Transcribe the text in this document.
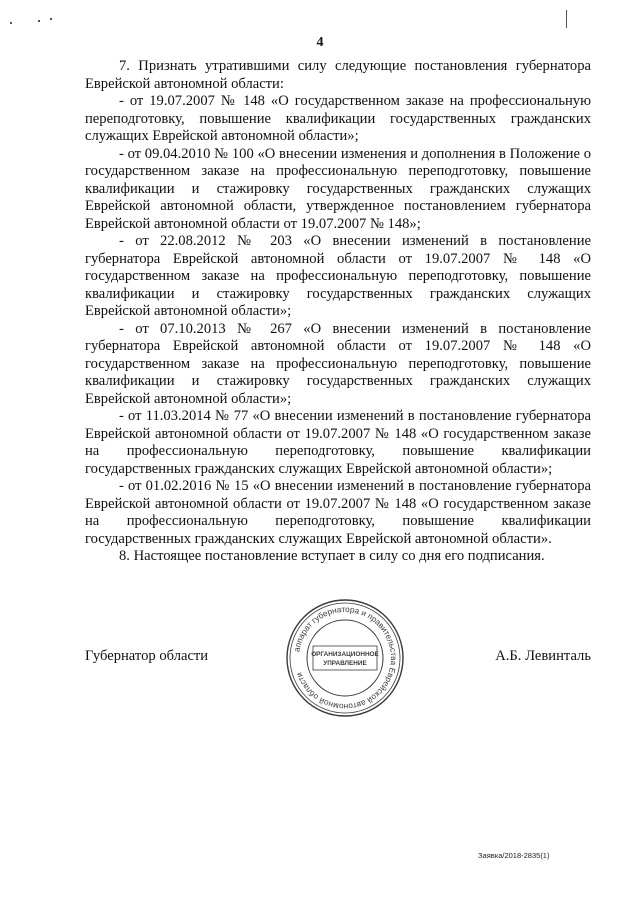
4

7. Признать утратившими силу следующие постановления губернатора Еврейской автономной области:

- от 19.07.2007 № 148 «О государственном заказе на профессиональную переподготовку, повышение квалификации государственных гражданских служащих Еврейской автономной области»;

- от 09.04.2010 № 100 «О внесении изменения и дополнения в Положение о государственном заказе на профессиональную переподготовку, повышение квалификации и стажировку государственных гражданских служащих Еврейской автономной области, утвержденное постановлением губернатора Еврейской автономной области от 19.07.2007 № 148»;

- от 22.08.2012 № 203 «О внесении изменений в постановление губернатора Еврейской автономной области от 19.07.2007 № 148 «О государственном заказе на профессиональную переподготовку, повышение квалификации и стажировку государственных гражданских служащих Еврейской автономной области»;

- от 07.10.2013 № 267 «О внесении изменений в постановление губернатора Еврейской автономной области от 19.07.2007 № 148 «О государственном заказе на профессиональную переподготовку, повышение квалификации и стажировку государственных гражданских служащих Еврейской автономной области»;

- от 11.03.2014 № 77 «О внесении изменений в постановление губернатора Еврейской автономной области от 19.07.2007 № 148 «О государственном заказе на профессиональную переподготовку, повышение квалификации государственных гражданских служащих Еврейской автономной области»;

- от 01.02.2016 № 15 «О внесении изменений в постановление губернатора Еврейской автономной области от 19.07.2007 № 148 «О государственном заказе на профессиональную переподготовку, повышение квалификации государственных гражданских служащих Еврейской автономной области».

8. Настоящее постановление вступает в силу со дня его подписания.

Губернатор области	А.Б. Левинталь
аппарат губернатора и правительства Еврейской автономной области
ОРГАНИЗАЦИОННОЕ
УПРАВЛЕНИЕ
Заявка/2018-2835(1)
